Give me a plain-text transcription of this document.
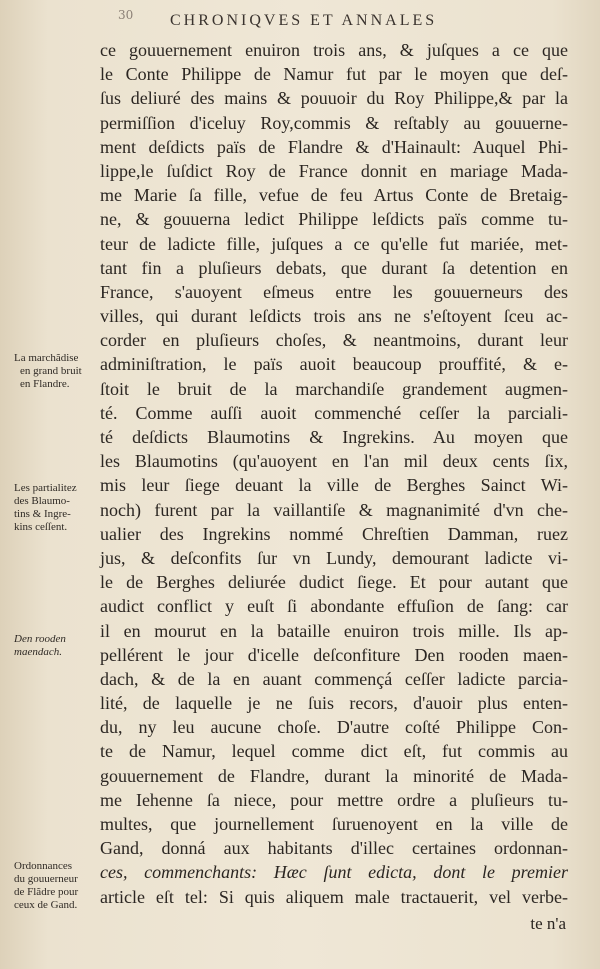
30 CHRONIQVES ET ANNALES
La marchãdise
en grand bruit
en Flandre.
Les partialitez
des Blaumo-
tins & Ingre-
kins ceſſent.
Den rooden
maendach.
Ordonnances
du gouuerneur
de Flãdre pour
ceux de Gand.
ce gouuernement enuiron trois ans, & juſques a ce que
le Conte Philippe de Namur fut par le moyen que deſ-
ſus deliuré des mains & pouuoir du Roy Philippe,& par la
permiſſion d'iceluy Roy,commis & reſtably au gouuerne-
ment deſdicts païs de Flandre & d'Hainault: Auquel Phi-
lippe,le ſuſdict Roy de France donnit en mariage Mada-
me Marie ſa fille, vefue de feu Artus Conte de Bretaig-
ne, & gouuerna ledict Philippe leſdicts païs comme tu-
teur de ladicte fille, juſques a ce qu'elle fut mariée, met-
tant fin a pluſieurs debats, que durant ſa detention en
France, s'auoyent eſmeus entre les gouuerneurs des
villes, qui durant leſdicts trois ans ne s'eſtoyent ſceu ac-
corder en pluſieurs choſes, & neantmoins, durant leur
adminiſtration, le païs auoit beaucoup prouffité, & e-
ſtoit le bruit de la marchandiſe grandement augmen-
té. Comme auſſi auoit commenché ceſſer la parciali-
té deſdicts Blaumotins & Ingrekins. Au moyen que
les Blaumotins (qu'auoyent en l'an mil deux cents ſix,
mis leur ſiege deuant la ville de Berghes Sainct Wi-
noch) furent par la vaillantiſe & magnanimité d'vn che-
ualier des Ingrekins nommé Chreſtien Damman, ruez
jus, & deſconfits ſur vn Lundy, demourant ladicte vi-
le de Berghes deliurée dudict ſiege. Et pour autant que
audict conflict y euſt ſi abondante effuſion de ſang: car
il en mourut en la bataille enuiron trois mille. Ils ap-
pellérent le jour d'icelle deſconfiture Den rooden maen-
dach, & de la en auant commençá ceſſer ladicte parcia-
lité, de laquelle je ne ſuis recors, d'auoir plus enten-
du, ny leu aucune choſe. D'autre coſté Philippe Con-
te de Namur, lequel comme dict eſt, fut commis au
gouuernement de Flandre, durant la minorité de Mada-
me Iehenne ſa niece, pour mettre ordre a pluſieurs tu-
multes, que journellement ſuruenoyent en la ville de
Gand, donná aux habitants d'illec certaines ordonnan-
ces, commenchants: Hæc ſunt edicta, dont le premier
article eſt tel: Si quis aliquem male tractauerit, vel verbe-
te n'a
